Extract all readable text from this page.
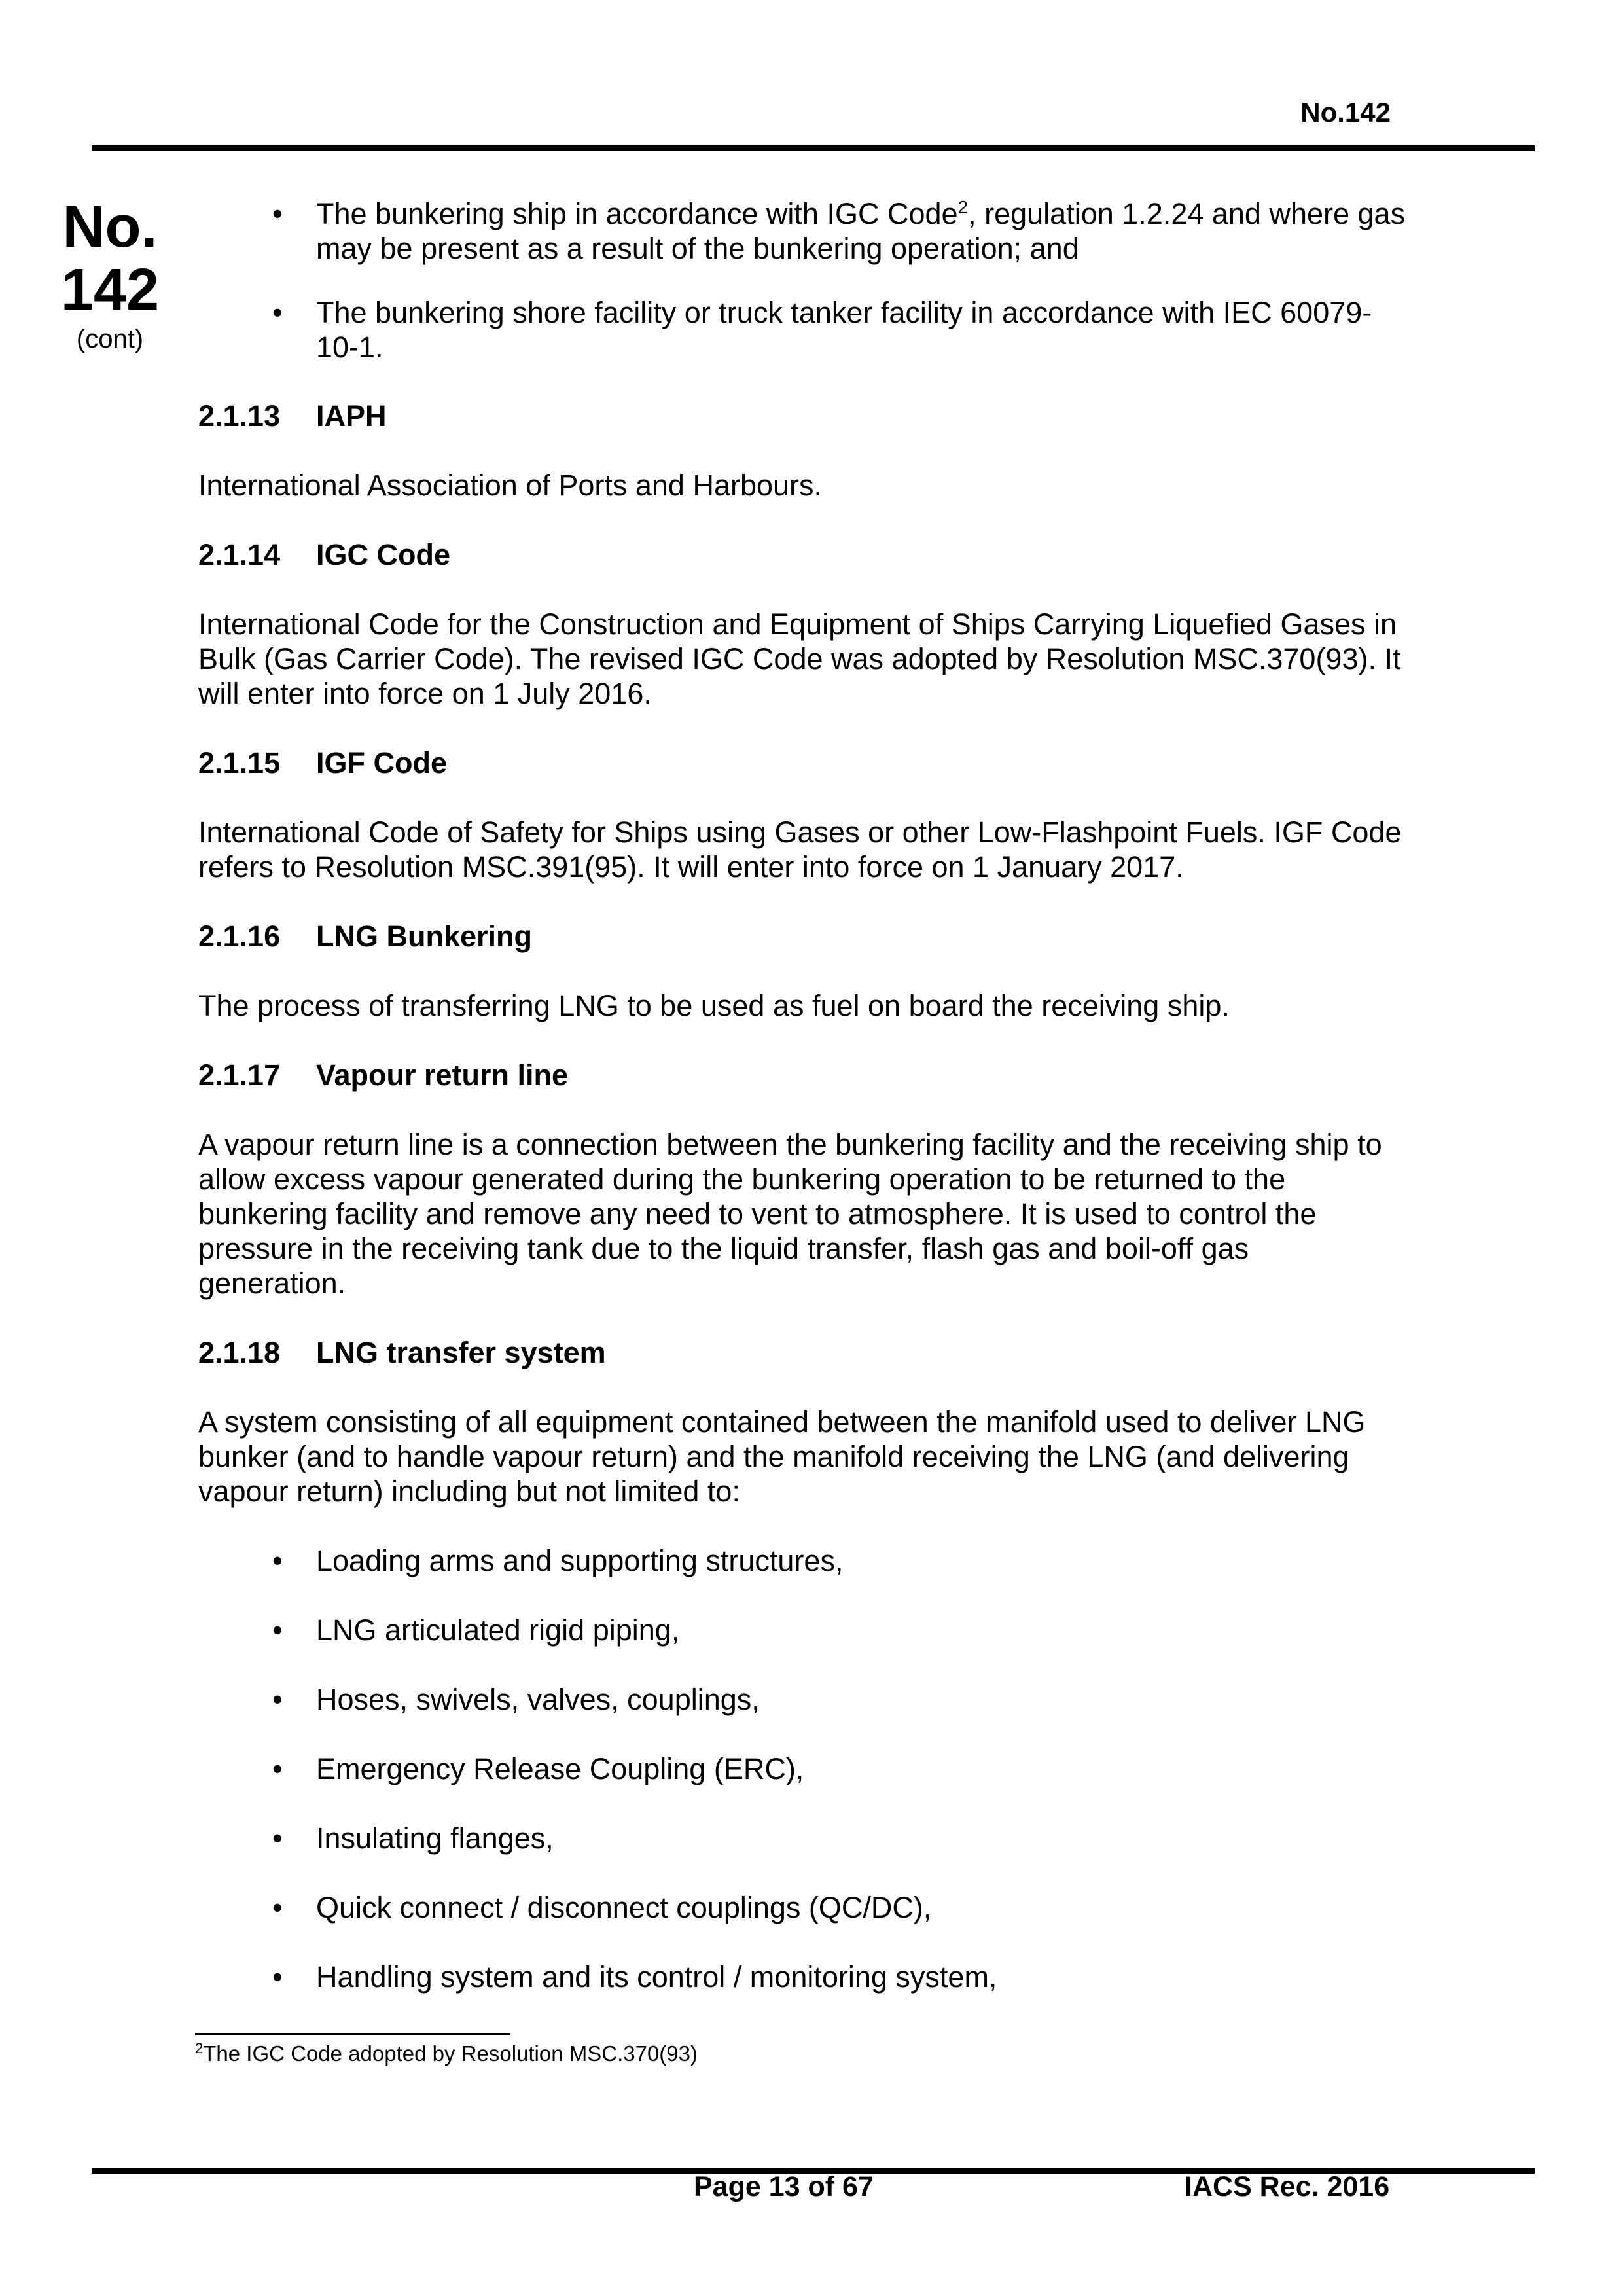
No.142
No.
142
(cont)
• The bunkering ship in accordance with IGC Code$^2$, regulation 1.2.24 and where gas
may be present as a result of the bunkering operation; and
• The bunkering shore facility or truck tanker facility in accordance with IEC 60079-
10-1.
2.1.13 IAPH

International Association of Ports and Harbours.

2.1.14 IGC Code

International Code for the Construction and Equipment of Ships Carrying Liquefied Gases in
Bulk (Gas Carrier Code). The revised IGC Code was adopted by Resolution MSC.370(93). It
will enter into force on 1 July 2016.

2.1.15 IGF Code

International Code of Safety for Ships using Gases or other Low-Flashpoint Fuels. IGF Code
refers to Resolution MSC.391(95). It will enter into force on 1 January 2017.

2.1.16 LNG Bunkering

The process of transferring LNG to be used as fuel on board the receiving ship.

2.1.17 Vapour return line

A vapour return line is a connection between the bunkering facility and the receiving ship to
allow excess vapour generated during the bunkering operation to be returned to the
bunkering facility and remove any need to vent to atmosphere. It is used to control the
pressure in the receiving tank due to the liquid transfer, flash gas and boil-off gas
generation.

2.1.18 LNG transfer system

A system consisting of all equipment contained between the manifold used to deliver LNG
bunker (and to handle vapour return) and the manifold receiving the LNG (and delivering
vapour return) including but not limited to:

• Loading arms and supporting structures,
• LNG articulated rigid piping,
• Hoses, swivels, valves, couplings,
• Emergency Release Coupling (ERC),
• Insulating flanges,
• Quick connect / disconnect couplings (QC/DC),
• Handling system and its control / monitoring system,
$^2$The IGC Code adopted by Resolution MSC.370(93)
Page 13 of 67	IACS Rec. 2016
